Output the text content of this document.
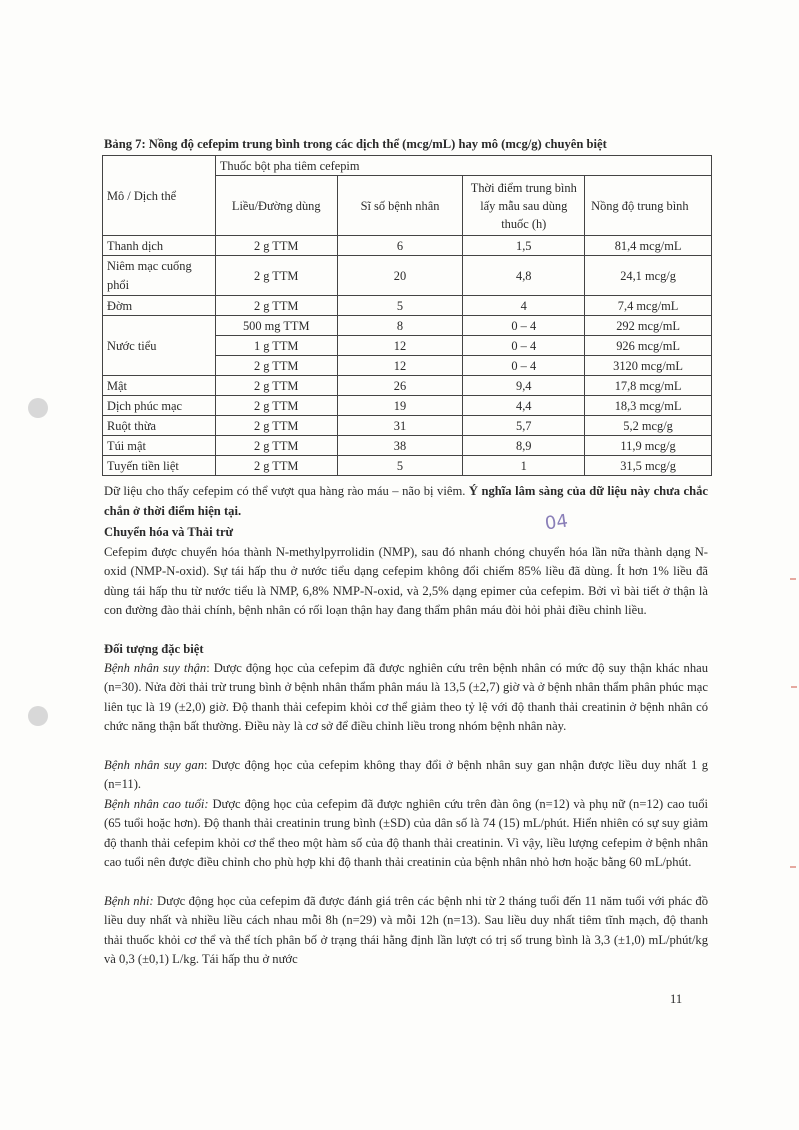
Bảng 7: Nồng độ cefepim trung bình trong các dịch thể (mcg/mL) hay mô (mcg/g) chuyên biệt
Mô / Dịch thể	Thuốc bột pha tiêm cefepim			
	Liều/Đường dùng	Sĩ số bệnh nhân	Thời điểm trung bình lấy mẫu sau dùng thuốc (h)	Nồng độ trung bình
Thanh dịch	2 g TTM	6	1,5	81,4 mcg/mL
Niêm mạc cuống phổi	2 g TTM	20	4,8	24,1 mcg/g
Đờm	2 g TTM	5	4	7,4 mcg/mL
Nước tiểu	500 mg TTM	8	0 – 4	292 mcg/mL
	1 g TTM	12	0 – 4	926 mcg/mL
	2 g TTM	12	0 – 4	3120 mcg/mL
Mật	2 g TTM	26	9,4	17,8 mcg/mL
Dịch phúc mạc	2 g TTM	19	4,4	18,3 mcg/mL
Ruột thừa	2 g TTM	31	5,7	5,2 mcg/g
Túi mật	2 g TTM	38	8,9	11,9 mcg/g
Tuyến tiền liệt	2 g TTM	5	1	31,5 mcg/g
Dữ liệu cho thấy cefepim có thể vượt qua hàng rào máu – não bị viêm. Ý nghĩa lâm sàng của dữ liệu này chưa chắc chắn ở thời điểm hiện tại.	04
Chuyển hóa và Thải trừ
Cefepim được chuyển hóa thành N-methylpyrrolidin (NMP), sau đó nhanh chóng chuyển hóa lần nữa thành dạng N-oxid (NMP-N-oxid). Sự tái hấp thu ở nước tiểu dạng cefepim không đổi chiếm 85% liều đã dùng. Ít hơn 1% liều đã dùng tái hấp thu từ nước tiểu là NMP, 6,8% NMP-N-oxid, và 2,5% dạng epimer của cefepim. Bởi vì bài tiết ở thận là con đường đào thải chính, bệnh nhân có rối loạn thận hay đang thẩm phân máu đòi hỏi phải điều chỉnh liều.
Đối tượng đặc biệt
Bệnh nhân suy thận: Dược động học của cefepim đã được nghiên cứu trên bệnh nhân có mức độ suy thận khác nhau (n=30). Nửa đời thải trừ trung bình ở bệnh nhân thẩm phân máu là 13,5 (±2,7) giờ và ở bệnh nhân thẩm phân phúc mạc liên tục là 19 (±2,0) giờ. Độ thanh thải cefepim khỏi cơ thể giảm theo tỷ lệ với độ thanh thải creatinin ở bệnh nhân có chức năng thận bất thường. Điều này là cơ sở để điều chỉnh liều trong nhóm bệnh nhân này.
Bệnh nhân suy gan: Dược động học của cefepim không thay đổi ở bệnh nhân suy gan nhận được liều duy nhất 1 g (n=11).
Bệnh nhân cao tuổi: Dược động học của cefepim đã được nghiên cứu trên đàn ông (n=12) và phụ nữ (n=12) cao tuổi (65 tuổi hoặc hơn). Độ thanh thải creatinin trung bình (±SD) của dân số là 74 (15) mL/phút. Hiển nhiên có sự suy giảm độ thanh thải cefepim khỏi cơ thể theo một hàm số của độ thanh thải creatinin. Vì vậy, liều lượng cefepim ở bệnh nhân cao tuổi nên được điều chỉnh cho phù hợp khi độ thanh thải creatinin của bệnh nhân nhỏ hơn hoặc bằng 60 mL/phút.
Bệnh nhi: Dược động học của cefepim đã được đánh giá trên các bệnh nhi từ 2 tháng tuổi đến 11 năm tuổi với phác đồ liều duy nhất và nhiều liều cách nhau mỗi 8h (n=29) và mỗi 12h (n=13). Sau liều duy nhất tiêm tĩnh mạch, độ thanh thải thuốc khỏi cơ thể và thể tích phân bố ở trạng thái hằng định lần lượt có trị số trung bình là 3,3 (±1,0) mL/phút/kg và 0,3 (±0,1) L/kg. Tái hấp thu ở nước
11
